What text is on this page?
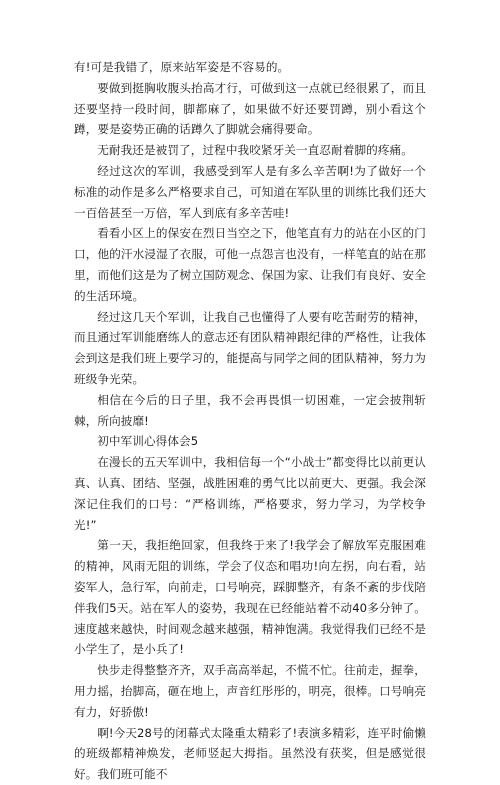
有!可是我错了，原来站军姿是不容易的。

要做到挺胸收腹头抬高才行，可做到这一点就已经很累了，而且还要坚持一段时间，脚都麻了，如果做不好还要罚蹲，别小看这个蹲，要是姿势正确的话蹲久了脚就会痛得要命。

无耐我还是被罚了，过程中我咬紧牙关一直忍耐着脚的疼痛。

经过这次的军训，我感受到军人是有多么辛苦啊!为了做好一个标准的动作是多么严格要求自己，可知道在军队里的训练比我们还大一百倍甚至一万倍，军人到底有多辛苦哇!

看看小区上的保安在烈日当空之下，他笔直有力的站在小区的门口，他的汗水浸湿了衣服，可他一点怨言也没有，一样笔直的站在那里，而他们这是为了树立国防观念、保国为家、让我们有良好、安全的生活环境。

经过这几天个军训，让我自己也懂得了人要有吃苦耐劳的精神，而且通过军训能磨练人的意志还有团队精神跟纪律的严格性，让我体会到这是我们班上要学习的，能提高与同学之间的团队精神，努力为班级争光荣。

相信在今后的日子里，我不会再畏惧一切困难，一定会披荆斩棘，所向披靡!

初中军训心得体会5

在漫长的五天军训中，我相信每一个“小战士”都变得比以前更认真、认真、团结、坚强，战胜困难的勇气比以前更大、更强。我会深深记住我们的口号：“严格训练，严格要求，努力学习，为学校争光!”

第一天，我拒绝回家，但我终于来了!我学会了解放军克服困难的精神，风雨无阻的训练，学会了仪态和唱功!向左拐，向右看，站姿军人，急行军，向前走，口号响亮，踩脚整齐，有条不紊的步伐陪伴我们5天。站在军人的姿势，我现在已经能站着不动40多分钟了。速度越来越快，时间观念越来越强，精神饱满。我觉得我们已经不是小学生了，是小兵了!

快步走得整整齐齐，双手高高举起，不慌不忙。往前走，握拳，用力摇，抬脚高，砸在地上，声音红彤彤的，明亮，很棒。口号响亮有力，好骄傲!

啊!今天28号的闭幕式太隆重太精彩了!表演多精彩，连平时偷懒的班级都精神焕发，老师竖起大拇指。虽然没有获奖，但是感觉很好。我们班可能不
